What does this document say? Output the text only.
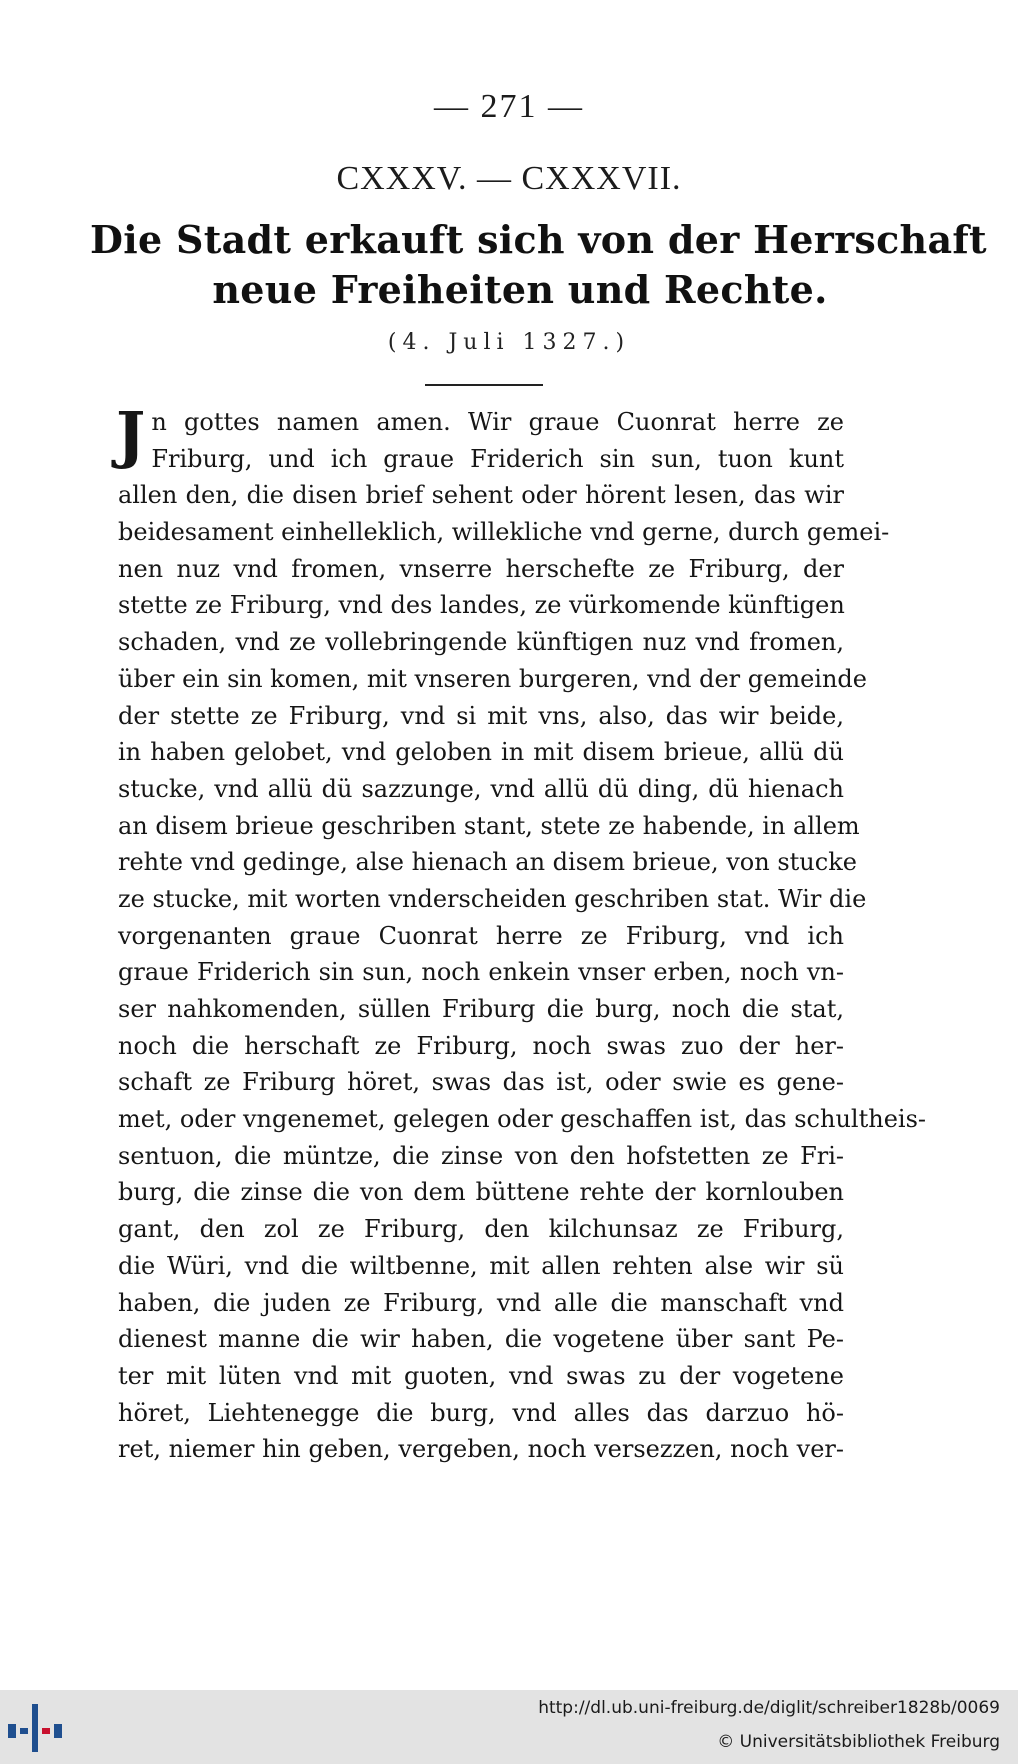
— 271 —
CXXXV. — CXXXVII.
Die Stadt erkauft sich von der Herrschaft
neue Freiheiten und Rechte.
(4. Juli 1327.)
J n gottes namen amen. Wir graue Cuonrat herre ze
Friburg, und ich graue Friderich sin sun, tuon kunt
allen den, die disen brief sehent oder hörent lesen, das wir
beidesament einhelleklich, willekliche vnd gerne, durch gemei-
nen nuz vnd fromen, vnserre herschefte ze Friburg, der
stette ze Friburg, vnd des landes, ze vürkomende künftigen
schaden, vnd ze vollebringende künftigen nuz vnd fromen,
über ein sin komen, mit vnseren burgeren, vnd der gemeinde
der stette ze Friburg, vnd si mit vns, also, das wir beide,
in haben gelobet, vnd geloben in mit disem brieue, allü dü
stucke, vnd allü dü sazzunge, vnd allü dü ding, dü hienach
an disem brieue geschriben stant, stete ze habende, in allem
rehte vnd gedinge, alse hienach an disem brieue, von stucke
ze stucke, mit worten vnderscheiden geschriben stat. Wir die
vorgenanten graue Cuonrat herre ze Friburg, vnd ich
graue Friderich sin sun, noch enkein vnser erben, noch vn-
ser nahkomenden, süllen Friburg die burg, noch die stat,
noch die herschaft ze Friburg, noch swas zuo der her-
schaft ze Friburg höret, swas das ist, oder swie es gene-
met, oder vngenemet, gelegen oder geschaffen ist, das schultheis-
sentuon, die müntze, die zinse von den hofstetten ze Fri-
burg, die zinse die von dem büttene rehte der kornlouben
gant, den zol ze Friburg, den kilchunsaz ze Friburg,
die Würi, vnd die wiltbenne, mit allen rehten alse wir sü
haben, die juden ze Friburg, vnd alle die manschaft vnd
dienest manne die wir haben, die vogetene über sant Pe-
ter mit lüten vnd mit guoten, vnd swas zu der vogetene
höret, Liehtenegge die burg, vnd alles das darzuo hö-
ret, niemer hin geben, vergeben, noch versezzen, noch ver-
http://dl.ub.uni-freiburg.de/diglit/schreiber1828b/0069
© Universitätsbibliothek Freiburg
